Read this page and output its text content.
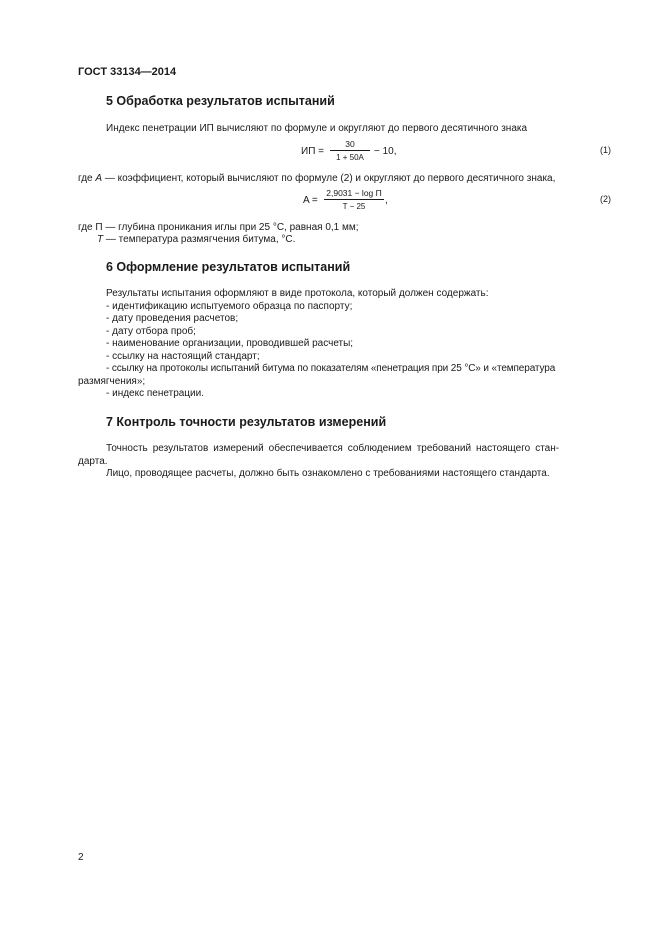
ГОСТ 33134—2014
5 Обработка результатов испытаний
Индекс пенетрации ИП вычисляют по формуле и округляют до первого десятичного знака
ИП = $\frac{30}{1 + 50A} - 10$,	(1)
где A — коэффициент, который вычисляют по формуле (2) и округляют до первого десятичного знака,
A =
2,9031 − log П
T − 25
,	(2)
где П — глубина проникания иглы при 25 °С, равная 0,1 мм;
T — температура размягчения битума, °С.
6 Оформление результатов испытаний
Результаты испытания оформляют в виде протокола, который должен содержать:
- идентификацию испытуемого образца по паспорту;
- дату проведения расчетов;
- дату отбора проб;
- наименование организации, проводившей расчеты;
- ссылку на настоящий стандарт;
- ссылку на протоколы испытаний битума по показателям «пенетрация при 25 °С» и «температура
размягчения»;
- индекс пенетрации.
7 Контроль точности результатов измерений
Точность результатов измерений обеспечивается соблюдением требований настоящего стан-
дарта.
Лицо, проводящее расчеты, должно быть ознакомлено с требованиями настоящего стандарта.
2
